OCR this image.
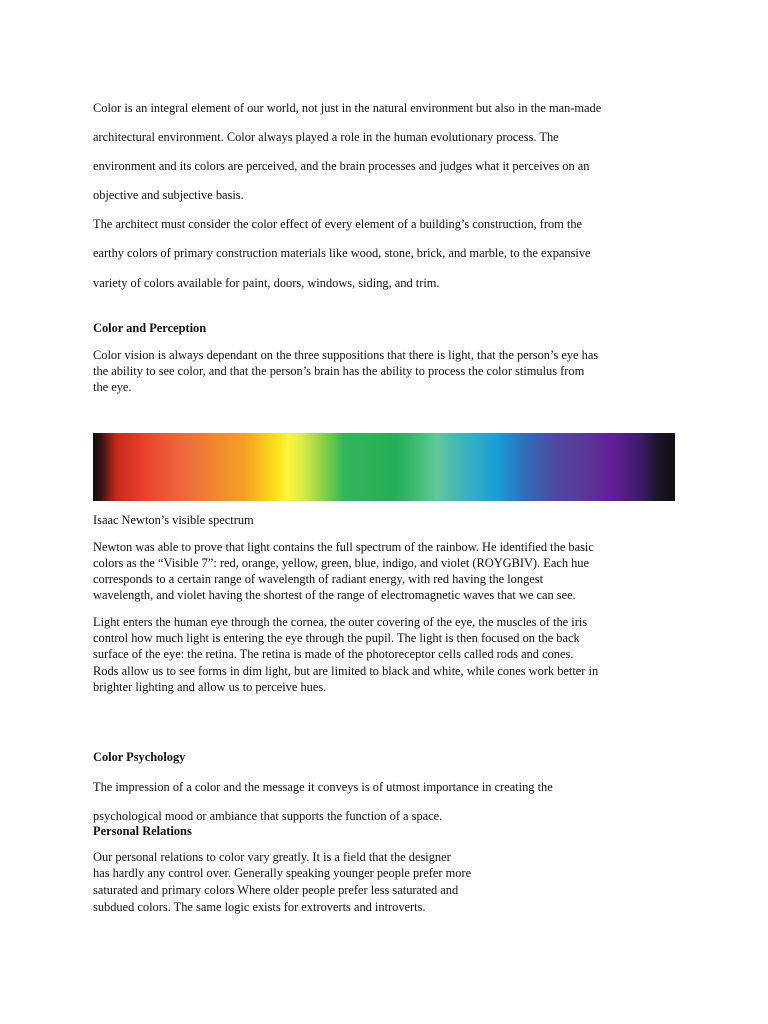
Color is an integral element of our world, not just in the natural environment but also in the man-made
architectural environment. Color always played a role in the human evolutionary process. The
environment and its colors are perceived, and the brain processes and judges what it perceives on an
objective and subjective basis.
The architect must consider the color effect of every element of a building’s construction, from the
earthy colors of primary construction materials like wood, stone, brick, and marble, to the expansive
variety of colors available for paint, doors, windows, siding, and trim.
Color and Perception
Color vision is always dependant on the three suppositions that there is light, that the person’s eye has
the ability to see color, and that the person’s brain has the ability to process the color stimulus from
the eye.
Isaac Newton’s visible spectrum
Newton was able to prove that light contains the full spectrum of the rainbow. He identified the basic
colors as the “Visible 7”: red, orange, yellow, green, blue, indigo, and violet (ROYGBIV). Each hue
corresponds to a certain range of wavelength of radiant energy, with red having the longest
wavelength, and violet having the shortest of the range of electromagnetic waves that we can see.
Light enters the human eye through the cornea, the outer covering of the eye, the muscles of the iris
control how much light is entering the eye through the pupil. The light is then focused on the back
surface of the eye: the retina. The retina is made of the photoreceptor cells called rods and cones.
Rods allow us to see forms in dim light, but are limited to black and white, while cones work better in
brighter lighting and allow us to perceive hues.
Color Psychology
The impression of a color and the message it conveys is of utmost importance in creating the
psychological mood or ambiance that supports the function of a space.
Personal Relations
Our personal relations to color vary greatly. It is a field that the designer
has hardly any control over. Generally speaking younger people prefer more
saturated and primary colors Where older people prefer less saturated and
subdued colors. The same logic exists for extroverts and introverts.
